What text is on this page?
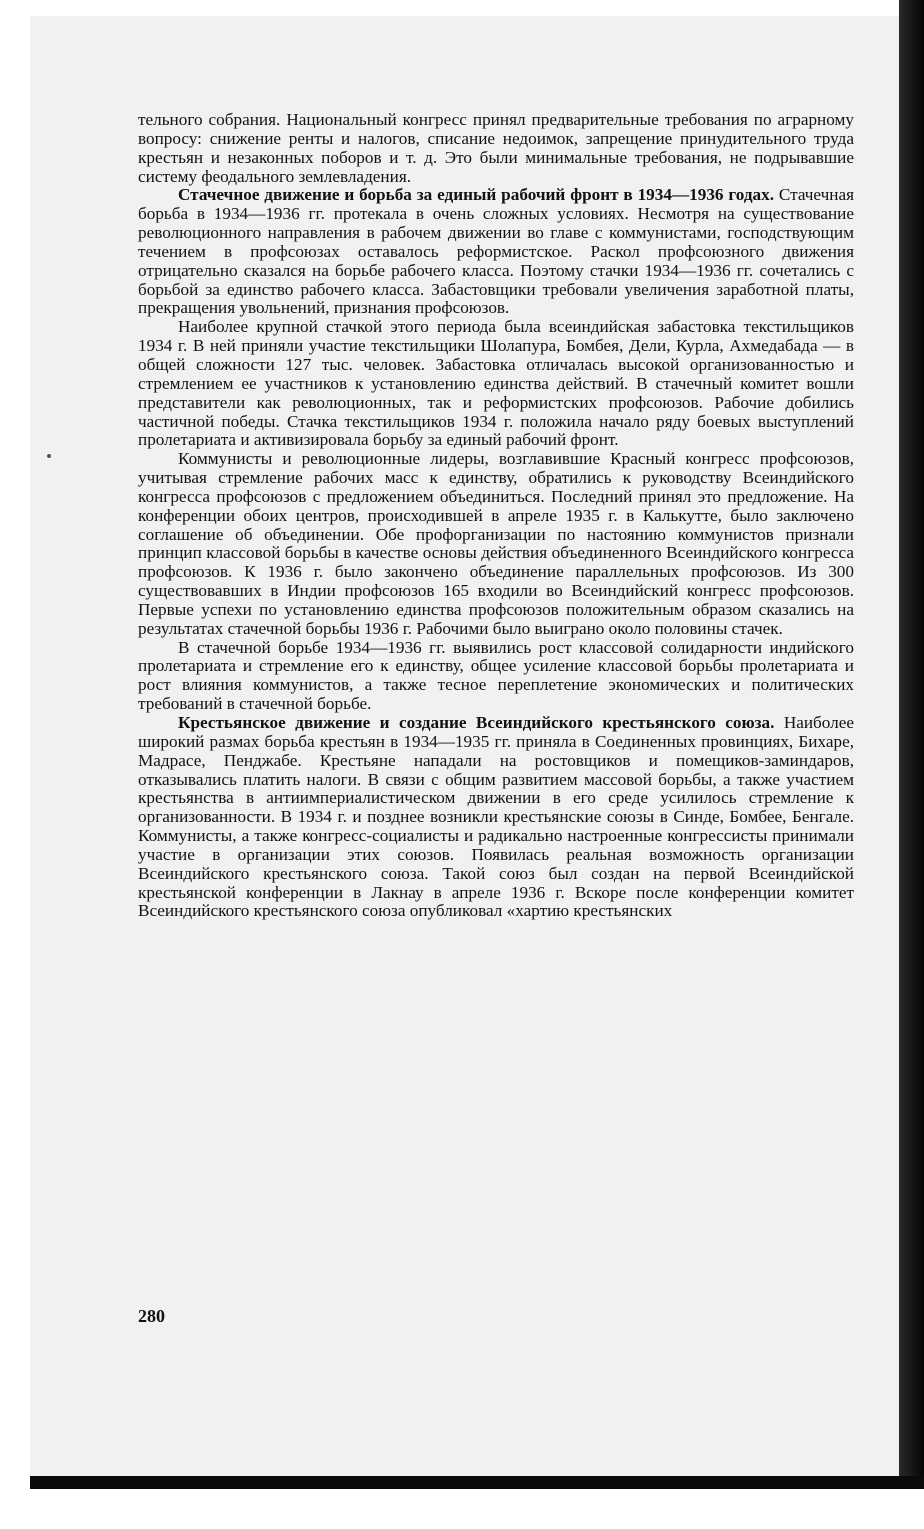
тельного собрания. Национальный конгресс принял предварительные требования по аграрному вопросу: снижение ренты и налогов, списание недоимок, запрещение принудительного труда крестьян и незаконных поборов и т. д. Это были минимальные требования, не подрывавшие систему феодального землевладения.

Стачечное движение и борьба за единый рабочий фронт в 1934—1936 годах. Стачечная борьба в 1934—1936 гг. протекала в очень сложных условиях. Несмотря на существование революционного направления в рабочем движении во главе с коммунистами, господствующим течением в профсоюзах оставалось реформистское. Раскол профсоюзного движения отрицательно сказался на борьбе рабочего класса. Поэтому стачки 1934—1936 гг. сочетались с борьбой за единство рабочего класса. Забастовщики требовали увеличения заработной платы, прекращения увольнений, признания профсоюзов.

Наиболее крупной стачкой этого периода была всеиндийская забастовка текстильщиков 1934 г. В ней приняли участие текстильщики Шолапура, Бомбея, Дели, Курла, Ахмедабада — в общей сложности 127 тыс. человек. Забастовка отличалась высокой организованностью и стремлением ее участников к установлению единства действий. В стачечный комитет вошли представители как революционных, так и реформистских профсоюзов. Рабочие добились частичной победы. Стачка текстильщиков 1934 г. положила начало ряду боевых выступлений пролетариата и активизировала борьбу за единый рабочий фронт.

Коммунисты и революционные лидеры, возглавившие Красный конгресс профсоюзов, учитывая стремление рабочих масс к единству, обратились к руководству Всеиндийского конгресса профсоюзов с предложением объединиться. Последний принял это предложение. На конференции обоих центров, происходившей в апреле 1935 г. в Калькутте, было заключено соглашение об объединении. Обе профорганизации по настоянию коммунистов признали принцип классовой борьбы в качестве основы действия объединенного Всеиндийского конгресса профсоюзов. К 1936 г. было закончено объединение параллельных профсоюзов. Из 300 существовавших в Индии профсоюзов 165 входили во Всеиндийский конгресс профсоюзов. Первые успехи по установлению единства профсоюзов положительным образом сказались на результатах стачечной борьбы 1936 г. Рабочими было выиграно около половины стачек.

В стачечной борьбе 1934—1936 гг. выявились рост классовой солидарности индийского пролетариата и стремление его к единству, общее усиление классовой борьбы пролетариата и рост влияния коммунистов, а также тесное переплетение экономических и политических требований в стачечной борьбе.

Крестьянское движение и создание Всеиндийского крестьянского союза. Наиболее широкий размах борьба крестьян в 1934—1935 гг. приняла в Соединенных провинциях, Бихаре, Мадрасе, Пенджабе. Крестьяне нападали на ростовщиков и помещиков-заминдаров, отказывались платить налоги. В связи с общим развитием массовой борьбы, а также участием крестьянства в антиимпериалистическом движении в его среде усилилось стремление к организованности. В 1934 г. и позднее возникли крестьянские союзы в Синде, Бомбее, Бенгале. Коммунисты, а также конгресс-социалисты и радикально настроенные конгрессисты принимали участие в организации этих союзов. Появилась реальная возможность организации Всеиндийского крестьянского союза. Такой союз был создан на первой Всеиндийской крестьянской конференции в Лакнау в апреле 1936 г. Вскоре после конференции комитет Всеиндийского крестьянского союза опубликовал «хартию крестьянских

280
